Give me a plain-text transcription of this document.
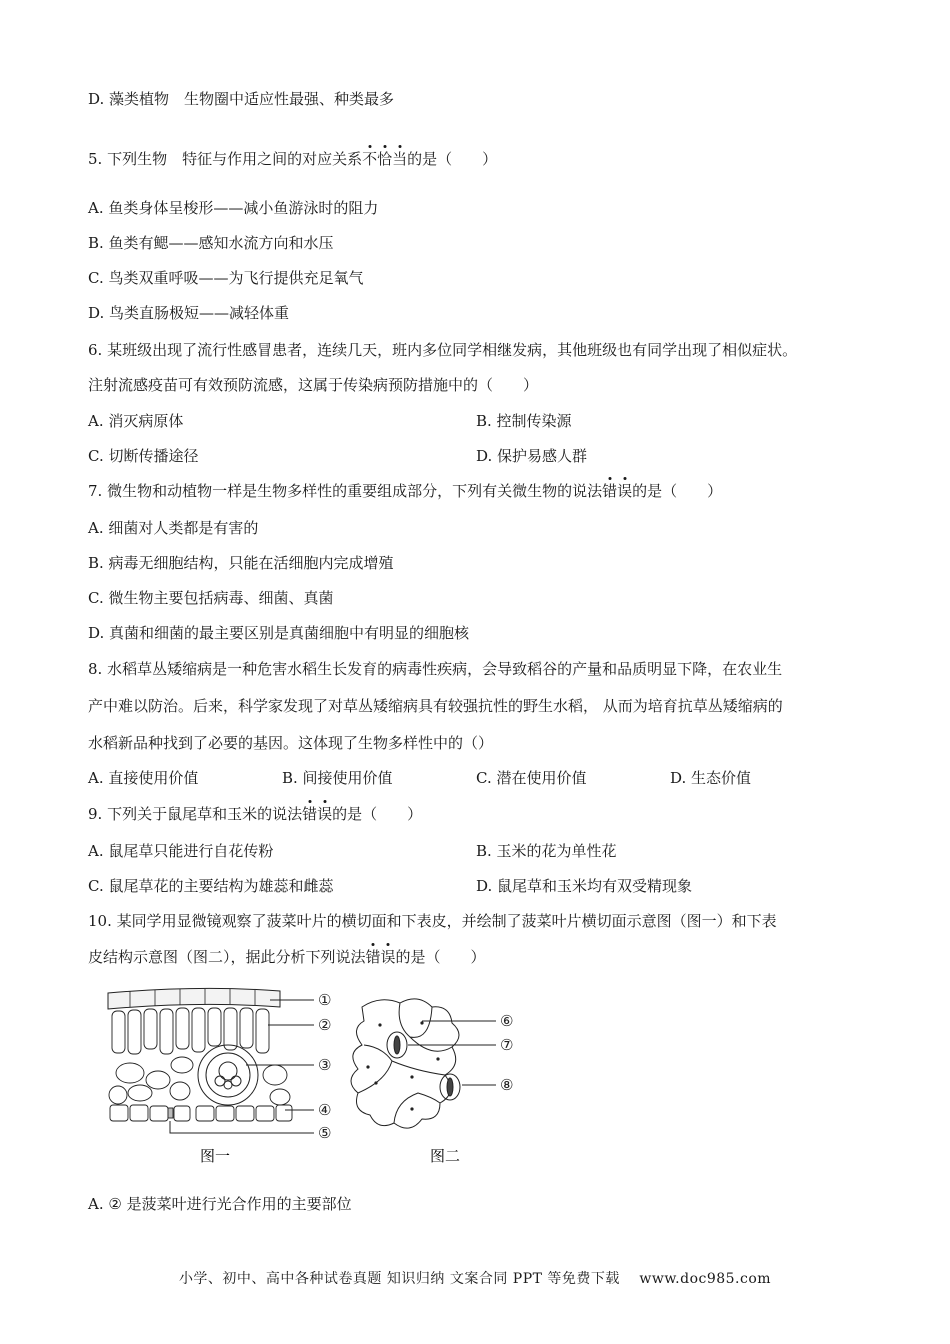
D. 藻类植物　生物圈中适应性最强、种类最多
5. 下列生物　特征与作用之间的对应关系不恰当的是（　　）
A. 鱼类身体呈梭形——减小鱼游泳时的阻力
B. 鱼类有鳃——感知水流方向和水压
C. 鸟类双重呼吸——为飞行提供充足氧气
D. 鸟类直肠极短——减轻体重
6. 某班级出现了流行性感冒患者，连续几天，班内多位同学相继发病，其他班级也有同学出现了相似症状。
注射流感疫苗可有效预防流感，这属于传染病预防措施中的（　　）
A. 消灭病原体	B. 控制传染源
C. 切断传播途径	D. 保护易感人群
7. 微生物和动植物一样是生物多样性的重要组成部分，下列有关微生物的说法错误的是（　　）
A. 细菌对人类都是有害的
B. 病毒无细胞结构，只能在活细胞内完成增殖
C. 微生物主要包括病毒、细菌、真菌
D. 真菌和细菌的最主要区别是真菌细胞中有明显的细胞核
8. 水稻草丛矮缩病是一种危害水稻生长发育的病毒性疾病，会导致稻谷的产量和品质明显下降，在农业生
产中难以防治。后来，科学家发现了对草丛矮缩病具有较强抗性的野生水稻， 从而为培育抗草丛矮缩病的
水稻新品种找到了必要的基因。这体现了生物多样性中的（）
A. 直接使用价值	B. 间接使用价值	C. 潜在使用价值	D. 生态价值
9. 下列关于鼠尾草和玉米的说法错误的是（　　）
A. 鼠尾草只能进行自花传粉	B. 玉米的花为单性花
C. 鼠尾草花的主要结构为雄蕊和雌蕊	D. 鼠尾草和玉米均有双受精现象
10. 某同学用显微镜观察了菠菜叶片的横切面和下表皮，并绘制了菠菜叶片横切面示意图（图一）和下表
皮结构示意图（图二），据此分析下列说法错误的是（　　）
①
②
③
④
⑤
图一
⑥
⑦
⑧
图二
A. ② 是菠菜叶进行光合作用的主要部位
小学、初中、高中各种试卷真题 知识归纳 文案合同 PPT 等免费下载　 www.doc985.com
